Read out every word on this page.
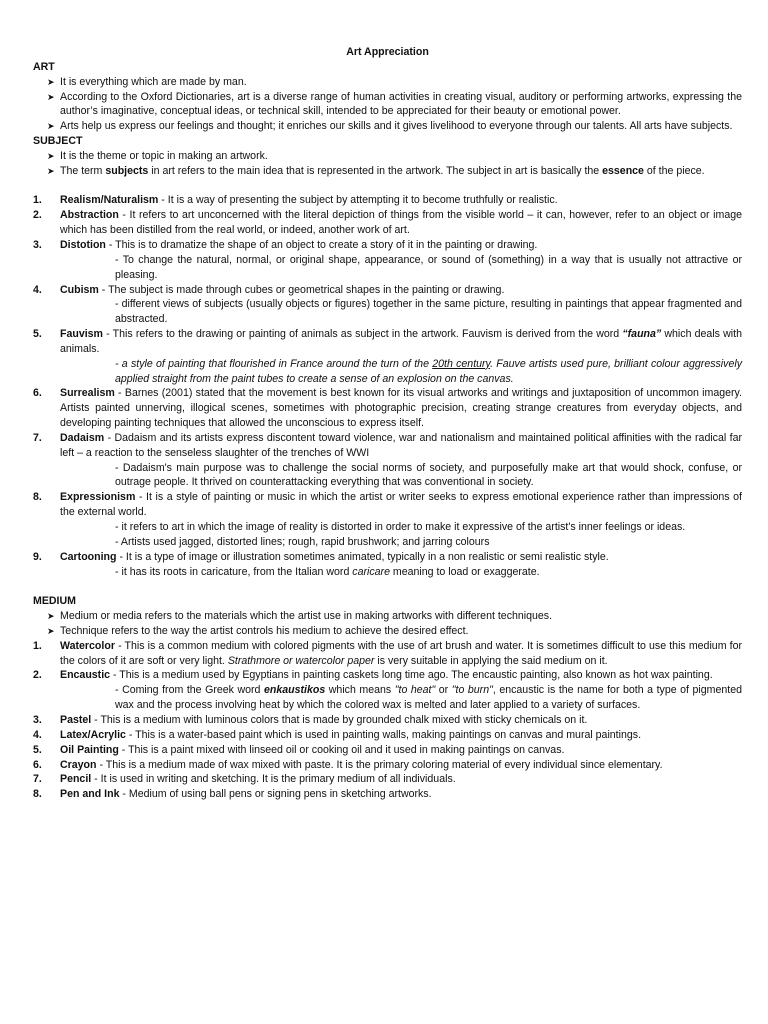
Art Appreciation
ART
➤ It is everything which are made by man.
➤ According to the Oxford Dictionaries, art is a diverse range of human activities in creating visual, auditory or performing artworks, expressing the author’s imaginative, conceptual ideas, or technical skill, intended to be appreciated for their beauty or emotional power.
➤ Arts help us express our feelings and thought; it enriches our skills and it gives livelihood to everyone through our talents. All arts have subjects.
SUBJECT
➤ It is the theme or topic in making an artwork.
➤ The term subjects in art refers to the main idea that is represented in the artwork. The subject in art is basically the essence of the piece.
1. Realism/Naturalism - It is a way of presenting the subject by attempting it to become truthfully or realistic.
2. Abstraction - It refers to art unconcerned with the literal depiction of things from the visible world – it can, however, refer to an object or image which has been distilled from the real world, or indeed, another work of art.
3. Distotion - This is to dramatize the shape of an object to create a story of it in the painting or drawing.
- To change the natural, normal, or original shape, appearance, or sound of (something) in a way that is usually not attractive or pleasing.
4. Cubism - The subject is made through cubes or geometrical shapes in the painting or drawing.
- different views of subjects (usually objects or figures) together in the same picture, resulting in paintings that appear fragmented and abstracted.
5. Fauvism - This refers to the drawing or painting of animals as subject in the artwork. Fauvism is derived from the word “fauna” which deals with animals.
- a style of painting that flourished in France around the turn of the 20th century. Fauve artists used pure, brilliant colour aggressively applied straight from the paint tubes to create a sense of an explosion on the canvas.
6. Surrealism - Barnes (2001) stated that the movement is best known for its visual artworks and writings and juxtaposition of uncommon imagery. Artists painted unnerving, illogical scenes, sometimes with photographic precision, creating strange creatures from everyday objects, and developing painting techniques that allowed the unconscious to express itself.
7. Dadaism - Dadaism and its artists express discontent toward violence, war and nationalism and maintained political affinities with the radical far left – a reaction to the senseless slaughter of the trenches of WWI
- Dadaism's main purpose was to challenge the social norms of society, and purposefully make art that would shock, confuse, or outrage people. It thrived on counterattacking everything that was conventional in society.
8. Expressionism - It is a style of painting or music in which the artist or writer seeks to express emotional experience rather than impressions of the external world.
- it refers to art in which the image of reality is distorted in order to make it expressive of the artist's inner feelings or ideas.
- Artists used jagged, distorted lines; rough, rapid brushwork; and jarring colours
9. Cartooning - It is a type of image or illustration sometimes animated, typically in a non realistic or semi realistic style.
- it has its roots in caricature, from the Italian word caricare meaning to load or exaggerate.
MEDIUM
➤ Medium or media refers to the materials which the artist use in making artworks with different techniques.
➤ Technique refers to the way the artist controls his medium to achieve the desired effect.
1. Watercolor - This is a common medium with colored pigments with the use of art brush and water. It is sometimes difficult to use this medium for the colors of it are soft or very light. Strathmore or watercolor paper is very suitable in applying the said medium on it.
2. Encaustic - This is a medium used by Egyptians in painting caskets long time ago. The encaustic painting, also known as hot wax painting.
- Coming from the Greek word enkaustikos which means "to heat" or "to burn", encaustic is the name for both a type of pigmented wax and the process involving heat by which the colored wax is melted and later applied to a variety of surfaces.
3. Pastel - This is a medium with luminous colors that is made by grounded chalk mixed with sticky chemicals on it.
4. Latex/Acrylic - This is a water-based paint which is used in painting walls, making paintings on canvas and mural paintings.
5. Oil Painting - This is a paint mixed with linseed oil or cooking oil and it used in making paintings on canvas.
6. Crayon - This is a medium made of wax mixed with paste. It is the primary coloring material of every individual since elementary.
7. Pencil - It is used in writing and sketching. It is the primary medium of all individuals.
8. Pen and Ink - Medium of using ball pens or signing pens in sketching artworks.
